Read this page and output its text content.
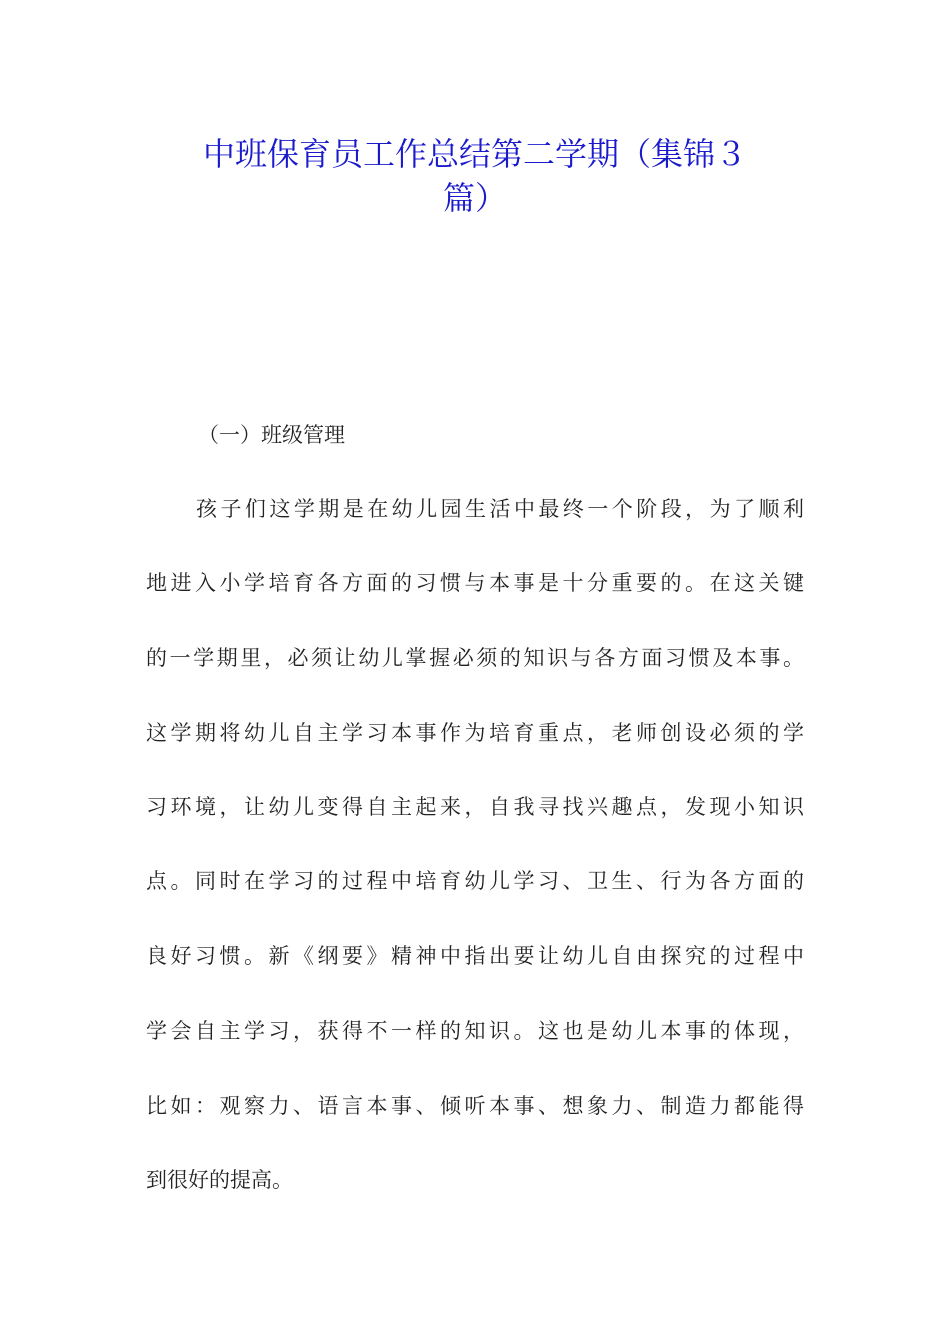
中班保育员工作总结第二学期（集锦３
篇）
（一）班级管理
孩子们这学期是在幼儿园生活中最终一个阶段，为了顺利
地进入小学培育各方面的习惯与本事是十分重要的。在这关键
的一学期里，必须让幼儿掌握必须的知识与各方面习惯及本事。
这学期将幼儿自主学习本事作为培育重点，老师创设必须的学
习环境，让幼儿变得自主起来，自我寻找兴趣点，发现小知识
点。同时在学习的过程中培育幼儿学习、卫生、行为各方面的
良好习惯。新《纲要》精神中指出要让幼儿自由探究的过程中
学会自主学习，获得不一样的知识。这也是幼儿本事的体现，
比如：观察力、语言本事、倾听本事、想象力、制造力都能得
到很好的提高。
